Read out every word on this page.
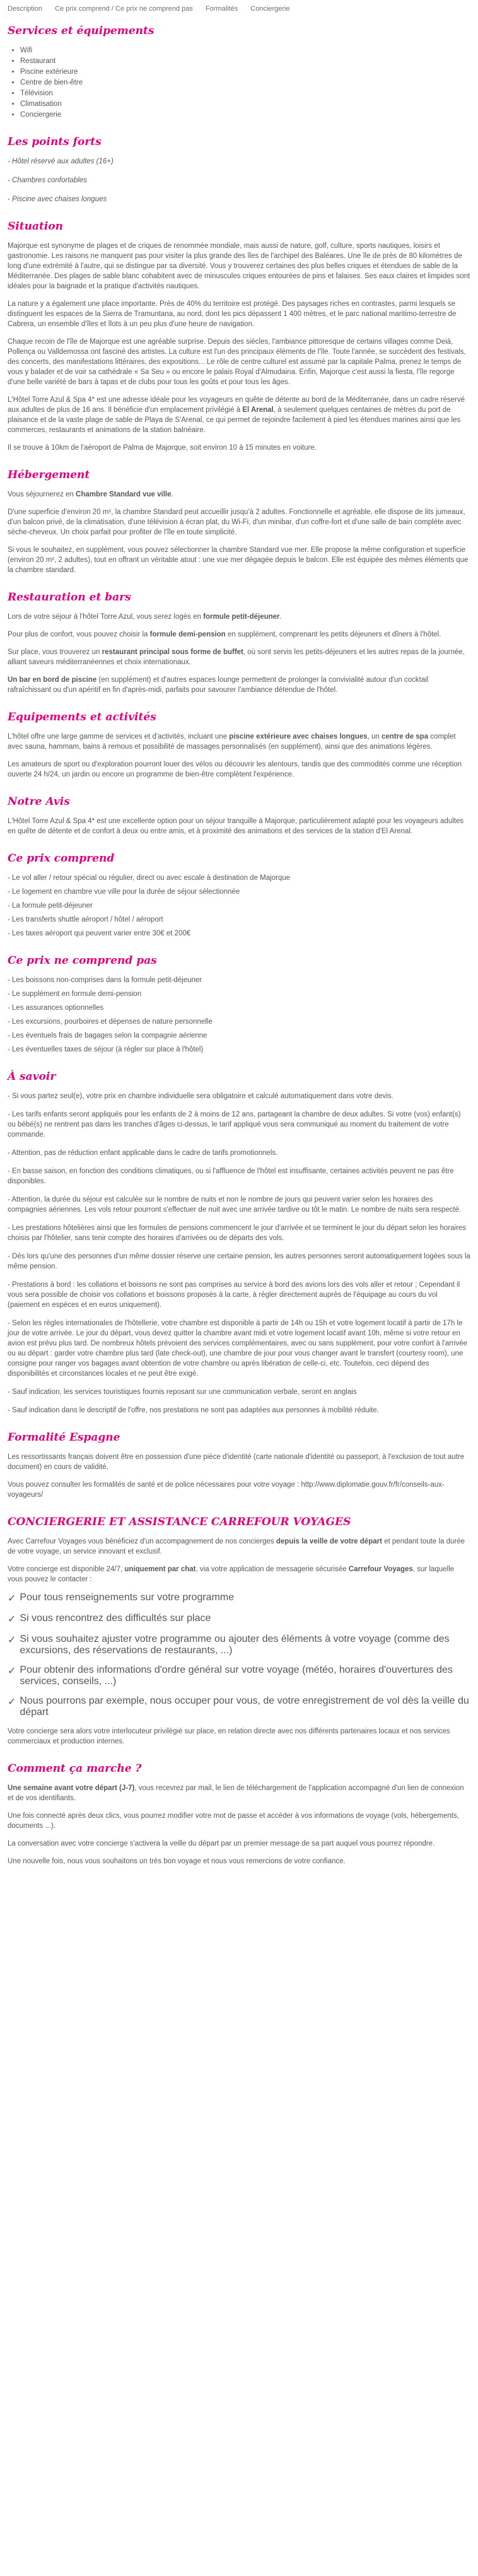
Description Ce prix comprend / Ce prix ne comprend pas Formalités Conciergerie
Services et équipements
• Wifi
• Restaurant
• Piscine extérieure
• Centre de bien-être
• Télévision
• Climatisation
• Conciergerie
Les points forts
- Hôtel réservé aux adultes (16+)
- Chambres confortables
- Piscine avec chaises longues
Situation

Majorque est synonyme de plages et de criques de renommée mondiale, mais aussi de nature, golf, culture, sports nautiques, loisirs et gastronomie. Les raisons ne manquent pas pour visiter la plus grande des îles de l'archipel des Baléares. Une île de près de 80 kilomètres de long d'une extrémité à l'autre, qui se distingue par sa diversité. Vous y trouverez certaines des plus belles criques et étendues de sable de la Méditerranée. Des plages de sable blanc cohabitent avec de minuscules criques entourées de pins et falaises. Ses eaux claires et limpides sont idéales pour la baignade et la pratique d'activités nautiques.

La nature y a également une place importante. Près de 40% du territoire est protégé. Des paysages riches en contrastes, parmi lesquels se distinguent les espaces de la Sierra de Tramuntana, au nord, dont les pics dépassent 1 400 mètres, et le parc national maritimo-terrestre de Cabrera, un ensemble d'îles et îlots à un peu plus d'une heure de navigation.

Chaque recoin de l'île de Majorque est une agréable surprise. Depuis des siècles, l'ambiance pittoresque de certains villages comme Deià, Pollença ou Valldemossa ont fasciné des artistes. La culture est l'un des principaux éléments de l'île. Toute l'année, se succèdent des festivals, des concerts, des manifestations littéraires, des expositions... Le rôle de centre culturel est assumé par la capitale Palma, prenez le temps de vous y balader et de voir sa cathédrale « Sa Seu » ou encore le palais Royal d'Almudaina. Enfin, Majorque c'est aussi la fiesta, l'île regorge d'une belle variété de bars à tapas et de clubs pour tous les goûts et pour tous les âges.

L'Hôtel Torre Azul & Spa 4* est une adresse idéale pour les voyageurs en quête de détente au bord de la Méditerranée, dans un cadre réservé aux adultes de plus de 16 ans. Il bénéficie d'un emplacement privilégié à El Arenal, à seulement quelques centaines de mètres du port de plaisance et de la vaste plage de sable de Playa de S'Arenal, ce qui permet de rejoindre facilement à pied les étendues marines ainsi que les commerces, restaurants et animations de la station balnéaire.

Il se trouve à 10km de l'aéroport de Palma de Majorque, soit environ 10 à 15 minutes en voiture.

Hébergement

Vous séjournerez en Chambre Standard vue ville.

D'une superficie d'environ 20 m², la chambre Standard peut accueillir jusqu'à 2 adultes. Fonctionnelle et agréable, elle dispose de lits jumeaux, d'un balcon privé, de la climatisation, d'une télévision à écran plat, du Wi-Fi, d'un minibar, d'un coffre-fort et d'une salle de bain complète avec sèche-cheveux. Un choix parfait pour profiter de l'île en toute simplicité.

Si vous le souhaitez, en supplément, vous pouvez sélectionner la chambre Standard vue mer. Elle propose la même configuration et superficie (environ 20 m², 2 adultes), tout en offrant un véritable atout : une vue mer dégagée depuis le balcon. Elle est équipée des mêmes éléments que la chambre standard.

Restauration et bars

Lors de votre séjour à l'hôtel Torre Azul, vous serez logés en formule petit-déjeuner.

Pour plus de confort, vous pouvez choisir la formule demi-pension en supplément, comprenant les petits déjeuners et dîners à l'hôtel.

Sur place, vous trouverez un restaurant principal sous forme de buffet, où sont servis les petits-déjeuners et les autres repas de la journée, alliant saveurs méditerranéennes et choix internationaux.

Un bar en bord de piscine (en supplément) et d'autres espaces lounge permettent de prolonger la convivialité autour d'un cocktail rafraîchissant ou d'un apéritif en fin d'après-midi, parfaits pour savourer l'ambiance détendue de l'hôtel.

Equipements et activités

L'hôtel offre une large gamme de services et d'activités, incluant une piscine extérieure avec chaises longues, un centre de spa complet avec sauna, hammam, bains à remous et possibilité de massages personnalisés (en supplément), ainsi que des animations légères.

Les amateurs de sport ou d'exploration pourront louer des vélos ou découvrir les alentours, tandis que des commodités comme une réception ouverte 24 h/24, un jardin ou encore un programme de bien-être complètent l'expérience.

Notre Avis

L'Hôtel Torre Azul & Spa 4* est une excellente option pour un séjour tranquille à Majorque, particulièrement adapté pour les voyageurs adultes en quête de détente et de confort à deux ou entre amis, et à proximité des animations et des services de la station d'El Arenal.

Ce prix comprend
- Le vol aller / retour spécial ou régulier, direct ou avec escale à destination de Majorque
- Le logement en chambre vue ville pour la durée de séjour sélectionnée
- La formule petit-déjeuner
- Les transferts shuttle aéroport / hôtel / aéroport
- Les taxes aéroport qui peuvent varier entre 30€ et 200€
Ce prix ne comprend pas
- Les boissons non-comprises dans la formule petit-déjeuner
- Le supplément en formule demi-pension
- Les assurances optionnelles
- Les excursions, pourboires et dépenses de nature personnelle
- Les éventuels frais de bagages selon la compagnie aérienne
- Les éventuelles taxes de séjour (à régler sur place à l'hôtel)
À savoir
- Si vous partez seul(e), votre prix en chambre individuelle sera obligatoire et calculé automatiquement dans votre devis.
- Les tarifs enfants seront appliqués pour les enfants de 2 à moins de 12 ans, partageant la chambre de deux adultes. Si votre (vos) enfant(s) ou bébé(s) ne rentrent pas dans les tranches d'âges ci-dessus, le tarif appliqué vous sera communiqué au moment du traitement de votre commande.
- Attention, pas de réduction enfant applicable dans le cadre de tarifs promotionnels.
- En basse saison, en fonction des conditions climatiques, ou si l'affluence de l'hôtel est insuffisante, certaines activités peuvent ne pas être disponibles.
- Attention, la durée du séjour est calculée sur le nombre de nuits et non le nombre de jours qui peuvent varier selon les horaires des compagnies aériennes. Les vols retour pourront s'effectuer de nuit avec une arrivée tardive ou tôt le matin. Le nombre de nuits sera respecté.
- Les prestations hôtelières ainsi que les formules de pensions commencent le jour d'arrivée et se terminent le jour du départ selon les horaires choisis par l'hôtelier, sans tenir compte des horaires d'arrivées ou de départs des vols.
- Dès lors qu'une des personnes d'un même dossier réserve une certaine pension, les autres personnes seront automatiquement logées sous la même pension.
- Prestations à bord : les collations et boissons ne sont pas comprises au service à bord des avions lors des vols aller et retour ; Cependant il vous sera possible de choisir vos collations et boissons proposés à la carte, à régler directement auprès de l'équipage au cours du vol (paiement en espèces et en euros uniquement).
- Selon les règles internationales de l'hôtellerie, votre chambre est disponible à partir de 14h ou 15h et votre logement locatif à partir de 17h le jour de votre arrivée. Le jour du départ, vous devez quitter la chambre avant midi et votre logement locatif avant 10h, même si votre retour en avion est prévu plus tard. De nombreux hôtels prévoient des services complémentaires, avec ou sans supplément, pour votre confort à l'arrivée ou au départ : garder votre chambre plus tard (late check-out), une chambre de jour pour vous changer avant le transfert (courtesy room), une consigne pour ranger vos bagages avant obtention de votre chambre ou après libération de celle-ci, etc. Toutefois, ceci dépend des disponibilités et circonstances locales et ne peut être exigé.
- Sauf indication, les services touristiques fournis reposant sur une communication verbale, seront en anglais
- Sauf indication dans le descriptif de l'offre, nos prestations ne sont pas adaptées aux personnes à mobilité réduite.
Formalité Espagne

Les ressortissants français doivent être en possession d'une pièce d'identité (carte nationale d'identité ou passeport, à l'exclusion de tout autre document) en cours de validité.

Vous pouvez consulter les formalités de santé et de police nécessaires pour votre voyage : http://www.diplomatie.gouv.fr/fr/conseils-aux-voyageurs/

CONCIERGERIE ET ASSISTANCE CARREFOUR VOYAGES

Avec Carrefour Voyages vous bénéficiez d'un accompagnement de nos concierges depuis la veille de votre départ et pendant toute la durée de votre voyage, un service innovant et exclusif.

Votre concierge est disponible 24/7, uniquement par chat, via votre application de messagerie sécurisée Carrefour Voyages, sur laquelle vous pouvez le contacter :

✓ Pour tous renseignements sur votre programme
✓ Si vous rencontrez des difficultés sur place
✓ Si vous souhaitez ajuster votre programme ou ajouter des éléments à votre voyage (comme des excursions, des réservations de restaurants, ...)
✓ Pour obtenir des informations d'ordre général sur votre voyage (météo, horaires d'ouvertures des services, conseils, ...)
✓ Nous pourrons par exemple, nous occuper pour vous, de votre enregistrement de vol dès la veille du départ

Votre concierge sera alors votre interlocuteur privilégié sur place, en relation directe avec nos différents partenaires locaux et nos services commerciaux et production internes.

Comment ça marche ?

Une semaine avant votre départ (J-7), vous recevrez par mail, le lien de téléchargement de l'application accompagné d'un lien de connexion et de vos identifiants.

Une fois connecté après deux clics, vous pourrez modifier votre mot de passe et accéder à vos informations de voyage (vols, hébergements, documents ...).

La conversation avec votre concierge s'activera la veille du départ par un premier message de sa part auquel vous pourrez répondre.

Une nouvelle fois, nous vous souhaitons un très bon voyage et nous vous remercions de votre confiance.
